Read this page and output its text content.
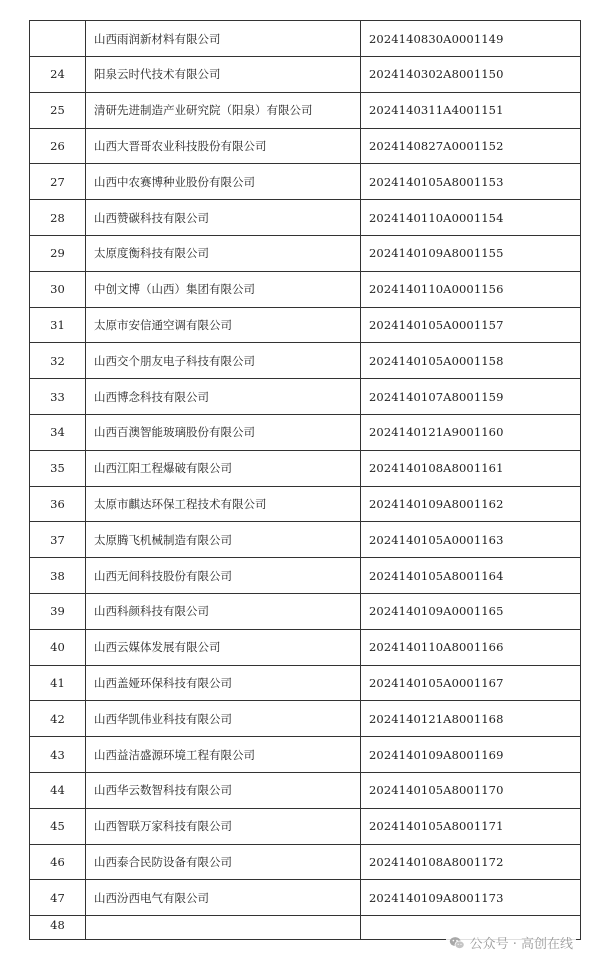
	山西雨润新材料有限公司	2024140830A0001149
24	阳泉云时代技术有限公司	2024140302A8001150
25	清研先进制造产业研究院（阳泉）有限公司	2024140311A4001151
26	山西大晋哥农业科技股份有限公司	2024140827A0001152
27	山西中农赛博种业股份有限公司	2024140105A8001153
28	山西赞碳科技有限公司	2024140110A0001154
29	太原度衡科技有限公司	2024140109A8001155
30	中创文博（山西）集团有限公司	2024140110A0001156
31	太原市安信通空调有限公司	2024140105A0001157
32	山西交个朋友电子科技有限公司	2024140105A0001158
33	山西博念科技有限公司	2024140107A8001159
34	山西百澳智能玻璃股份有限公司	2024140121A9001160
35	山西江阳工程爆破有限公司	2024140108A8001161
36	太原市麒达环保工程技术有限公司	2024140109A8001162
37	太原腾飞机械制造有限公司	2024140105A0001163
38	山西无间科技股份有限公司	2024140105A8001164
39	山西科颜科技有限公司	2024140109A0001165
40	山西云媒体发展有限公司	2024140110A8001166
41	山西盖娅环保科技有限公司	2024140105A0001167
42	山西华凯伟业科技有限公司	2024140121A8001168
43	山西益洁盛源环境工程有限公司	2024140109A8001169
44	山西华云数智科技有限公司	2024140105A8001170
45	山西智联万家科技有限公司	2024140105A8001171
46	山西泰合民防设备有限公司	2024140108A8001172
47	山西汾西电气有限公司	2024140109A8001173
48		
公众号 · 高创在线
